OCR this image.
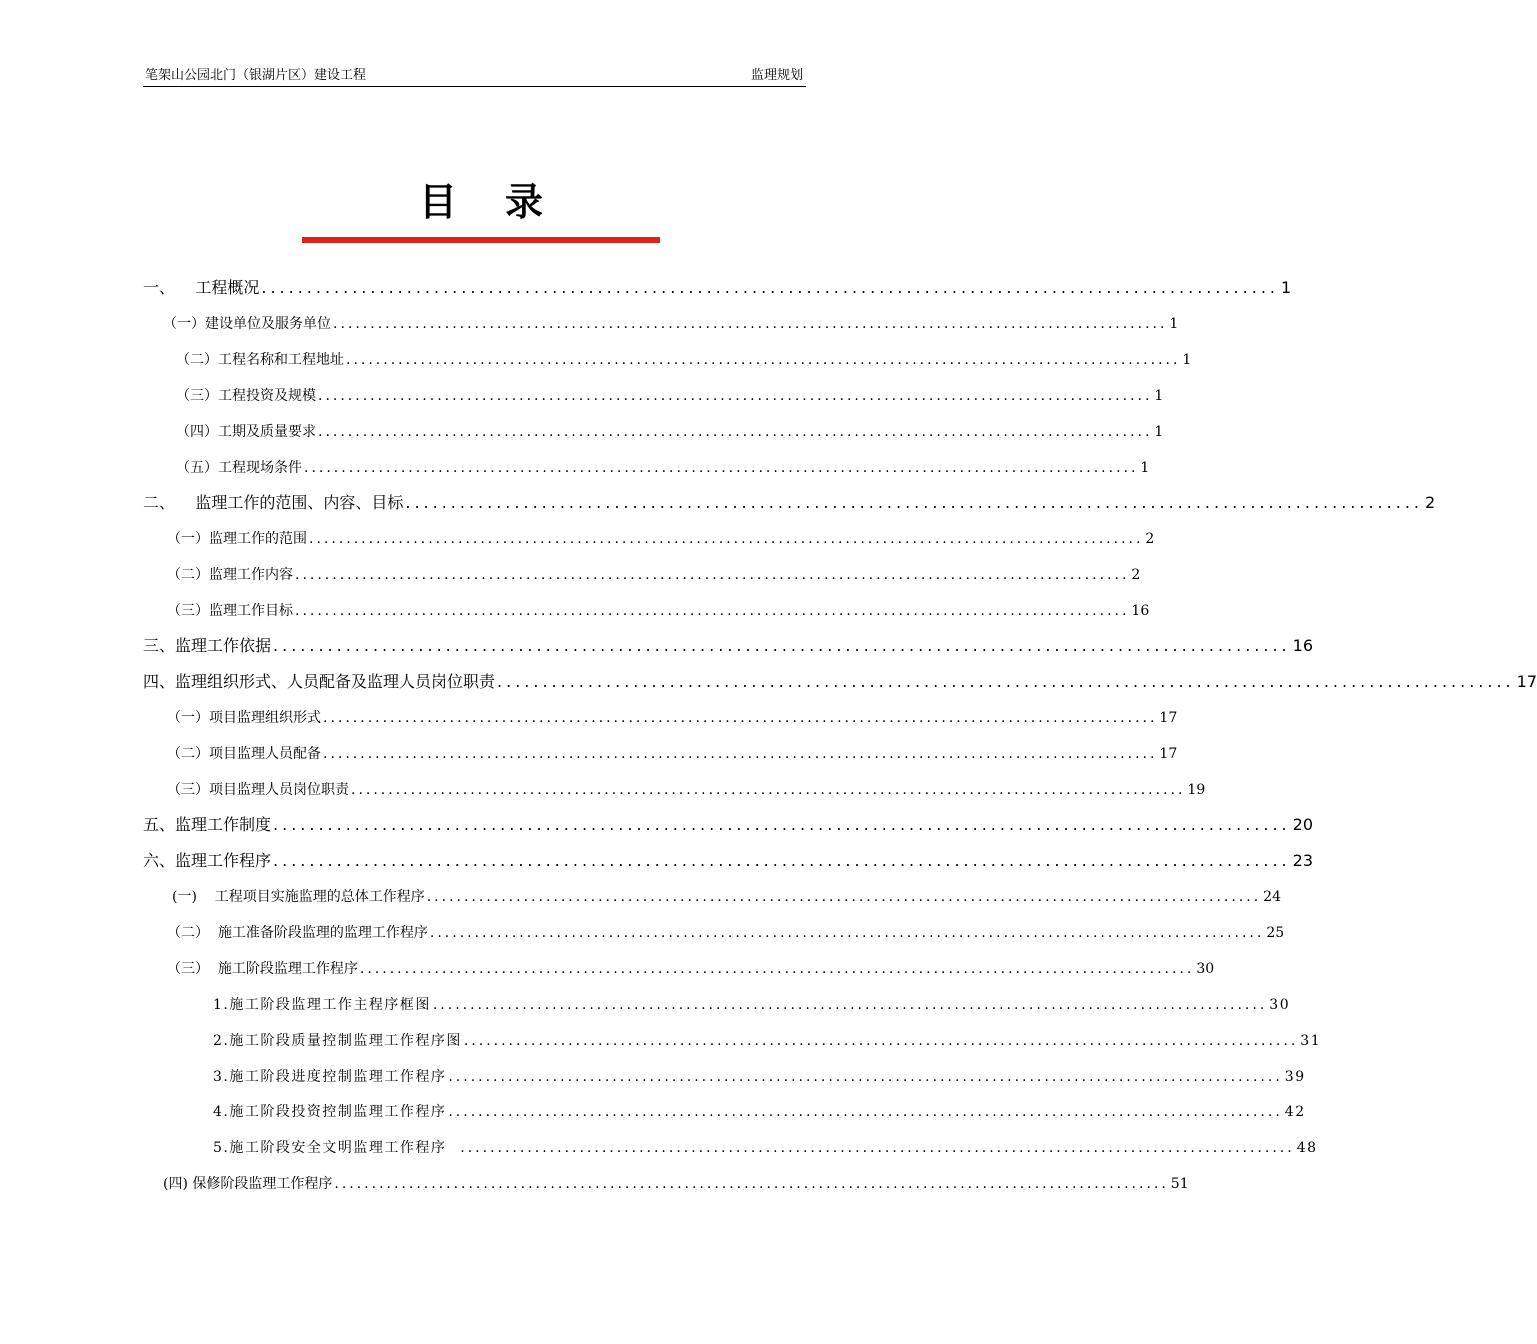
笔架山公园北门（银湖片区）建设工程	监理规划
目 录
一、    工程概况 ................................................................................................................ 1
（一）建设单位及服务单位 ................................................................................................................ 1
（二）工程名称和工程地址 ................................................................................................................ 1
（三）工程投资及规模 ................................................................................................................ 1
（四）工期及质量要求 ................................................................................................................ 1
（五）工程现场条件 ................................................................................................................ 1
二、    监理工作的范围、内容、目标 ................................................................................................................ 2
（一）监理工作的范围 ................................................................................................................ 2
（二）监理工作内容 ................................................................................................................ 2
（三）监理工作目标 ................................................................................................................ 16
三、监理工作依据 ................................................................................................................ 16
四、监理组织形式、人员配备及监理人员岗位职责 ................................................................................................................ 17
（一）项目监理组织形式 ................................................................................................................ 17
（二）项目监理人员配备 ................................................................................................................ 17
（三）项目监理人员岗位职责 ................................................................................................................ 19
五、监理工作制度 ................................................................................................................ 20
六、监理工作程序 ................................................................................................................ 23
(一)    工程项目实施监理的总体工作程序 ................................................................................................................ 24
（二）  施工准备阶段监理的监理工作程序 ................................................................................................................ 25
（三）  施工阶段监理工作程序 ................................................................................................................ 30
1.施工阶段监理工作主程序框图 ................................................................................................................ 30
2.施工阶段质量控制监理工作程序图 ................................................................................................................ 31
3.施工阶段进度控制监理工作程序 ................................................................................................................ 39
4.施工阶段投资控制监理工作程序 ................................................................................................................ 42
5.施工阶段安全文明监理工作程序 ................................................................................................................ 48
(四) 保修阶段监理工作程序 ................................................................................................................ 51
